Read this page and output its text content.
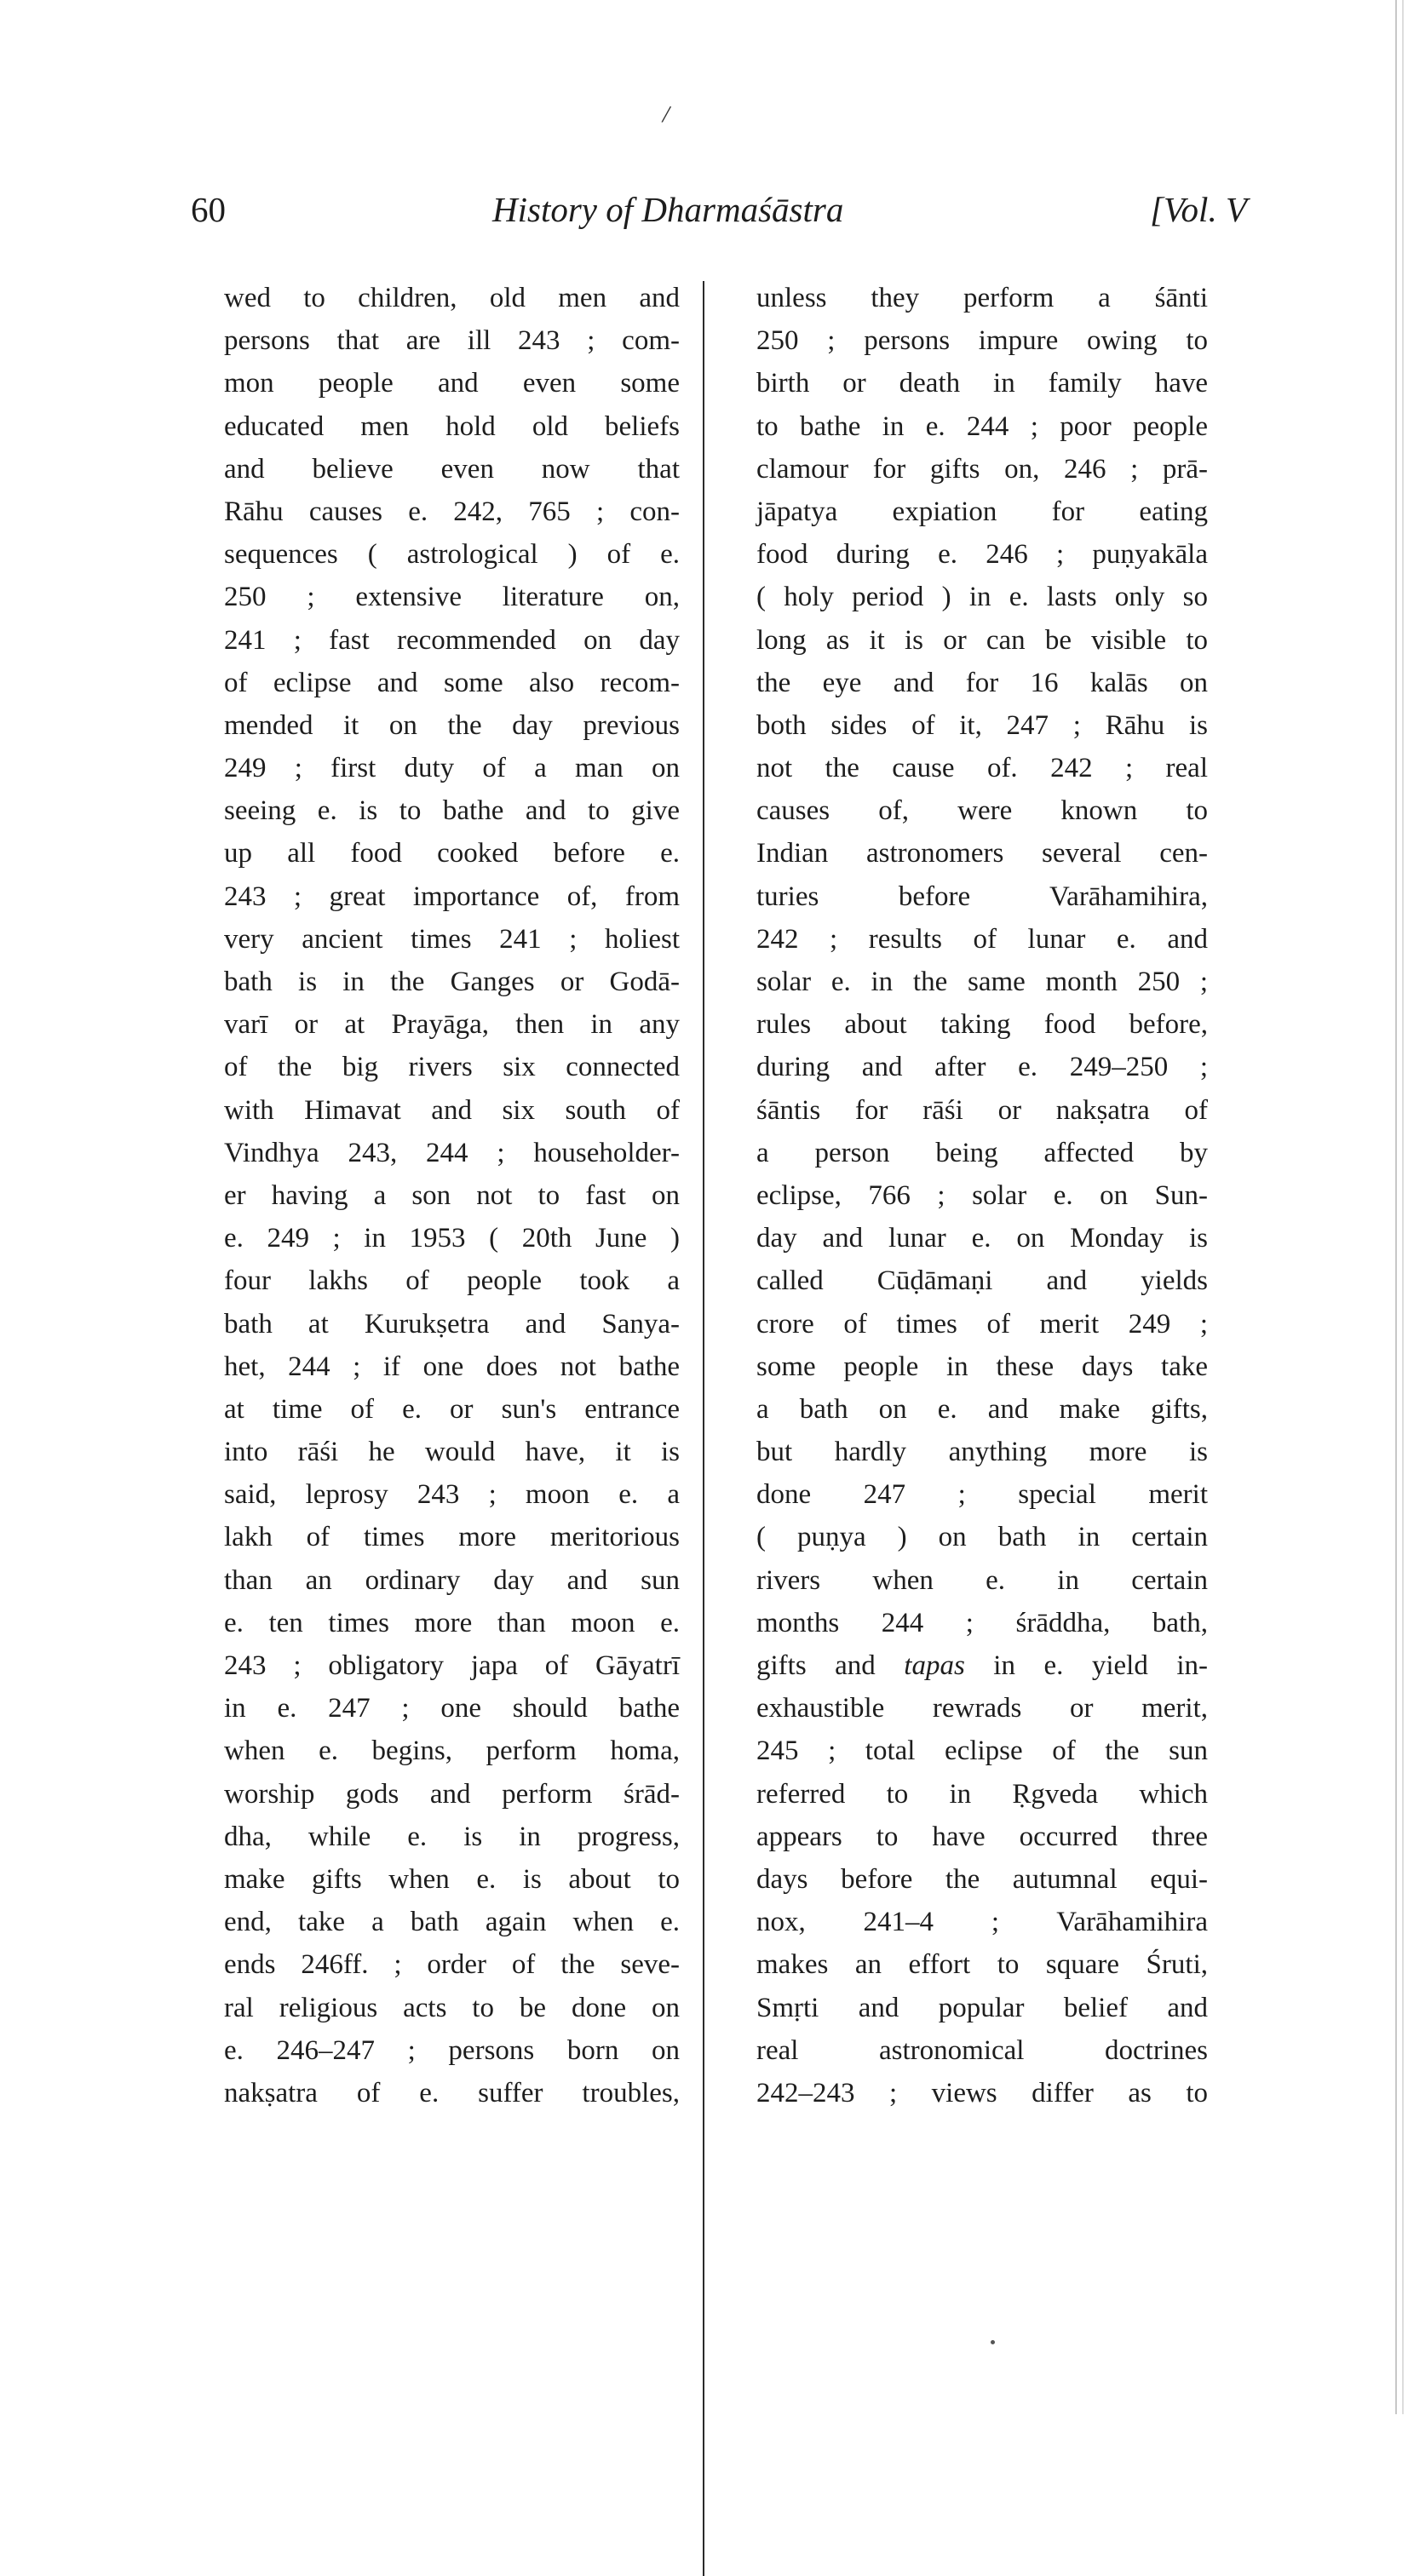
/
60	History of Dharmaśāstra	[Vol. V
wed to children, old men and
persons that are ill 243 ; com-
mon people and even some
educated men hold old beliefs
and believe even now that
Rāhu causes e. 242, 765 ; con-
sequences ( astrological ) of e.
250 ; extensive literature on,
241 ; fast recommended on day
of eclipse and some also recom-
mended it on the day previous
249 ; first duty of a man on
seeing e. is to bathe and to give
up all food cooked before e.
243 ; great importance of, from
very ancient times 241 ; holiest
bath is in the Ganges or Godā-
varī or at Prayāga, then in any
of the big rivers six connected
with Himavat and six south of
Vindhya 243, 244 ; householder-
er having a son not to fast on
e. 249 ; in 1953 ( 20th June )
four lakhs of people took a
bath at Kurukṣetra and Sanya-
het, 244 ; if one does not bathe
at time of e. or sun's entrance
into rāśi he would have, it is
said, leprosy 243 ; moon e. a
lakh of times more meritorious
than an ordinary day and sun
e. ten times more than moon e.
243 ; obligatory japa of Gāyatrī
in e. 247 ; one should bathe
when e. begins, perform homa,
worship gods and perform śrād-
dha, while e. is in progress,
make gifts when e. is about to
end, take a bath again when e.
ends 246ff. ; order of the seve-
ral religious acts to be done on
e. 246–247 ; persons born on
nakṣatra of e. suffer troubles,
unless they perform a śānti
250 ; persons impure owing to
birth or death in family have
to bathe in e. 244 ; poor people
clamour for gifts on, 246 ; prā-
jāpatya expiation for eating
food during e. 246 ; puṇyakāla
( holy period ) in e. lasts only so
long as it is or can be visible to
the eye and for 16 kalās on
both sides of it, 247 ; Rāhu is
not the cause of. 242 ; real
causes of, were known to
Indian astronomers several cen-
turies before Varāhamihira,
242 ; results of lunar e. and
solar e. in the same month 250 ;
rules about taking food before,
during and after e. 249–250 ;
śāntis for rāśi or nakṣatra of
a person being affected by
eclipse, 766 ; solar e. on Sun-
day and lunar e. on Monday is
called Cūḍāmaṇi and yields
crore of times of merit 249 ;
some people in these days take
a bath on e. and make gifts,
but hardly anything more is
done 247 ; special merit
( puṇya ) on bath in certain
rivers when e. in certain
months 244 ; śrāddha, bath,
gifts and tapas in e. yield in-
exhaustible rewrads or merit,
245 ; total eclipse of the sun
referred to in Ṛgveda which
appears to have occurred three
days before the autumnal equi-
nox, 241–4 ; Varāhamihira
makes an effort to square Śruti,
Smṛti and popular belief and
real astronomical doctrines
242–243 ; views differ as to
